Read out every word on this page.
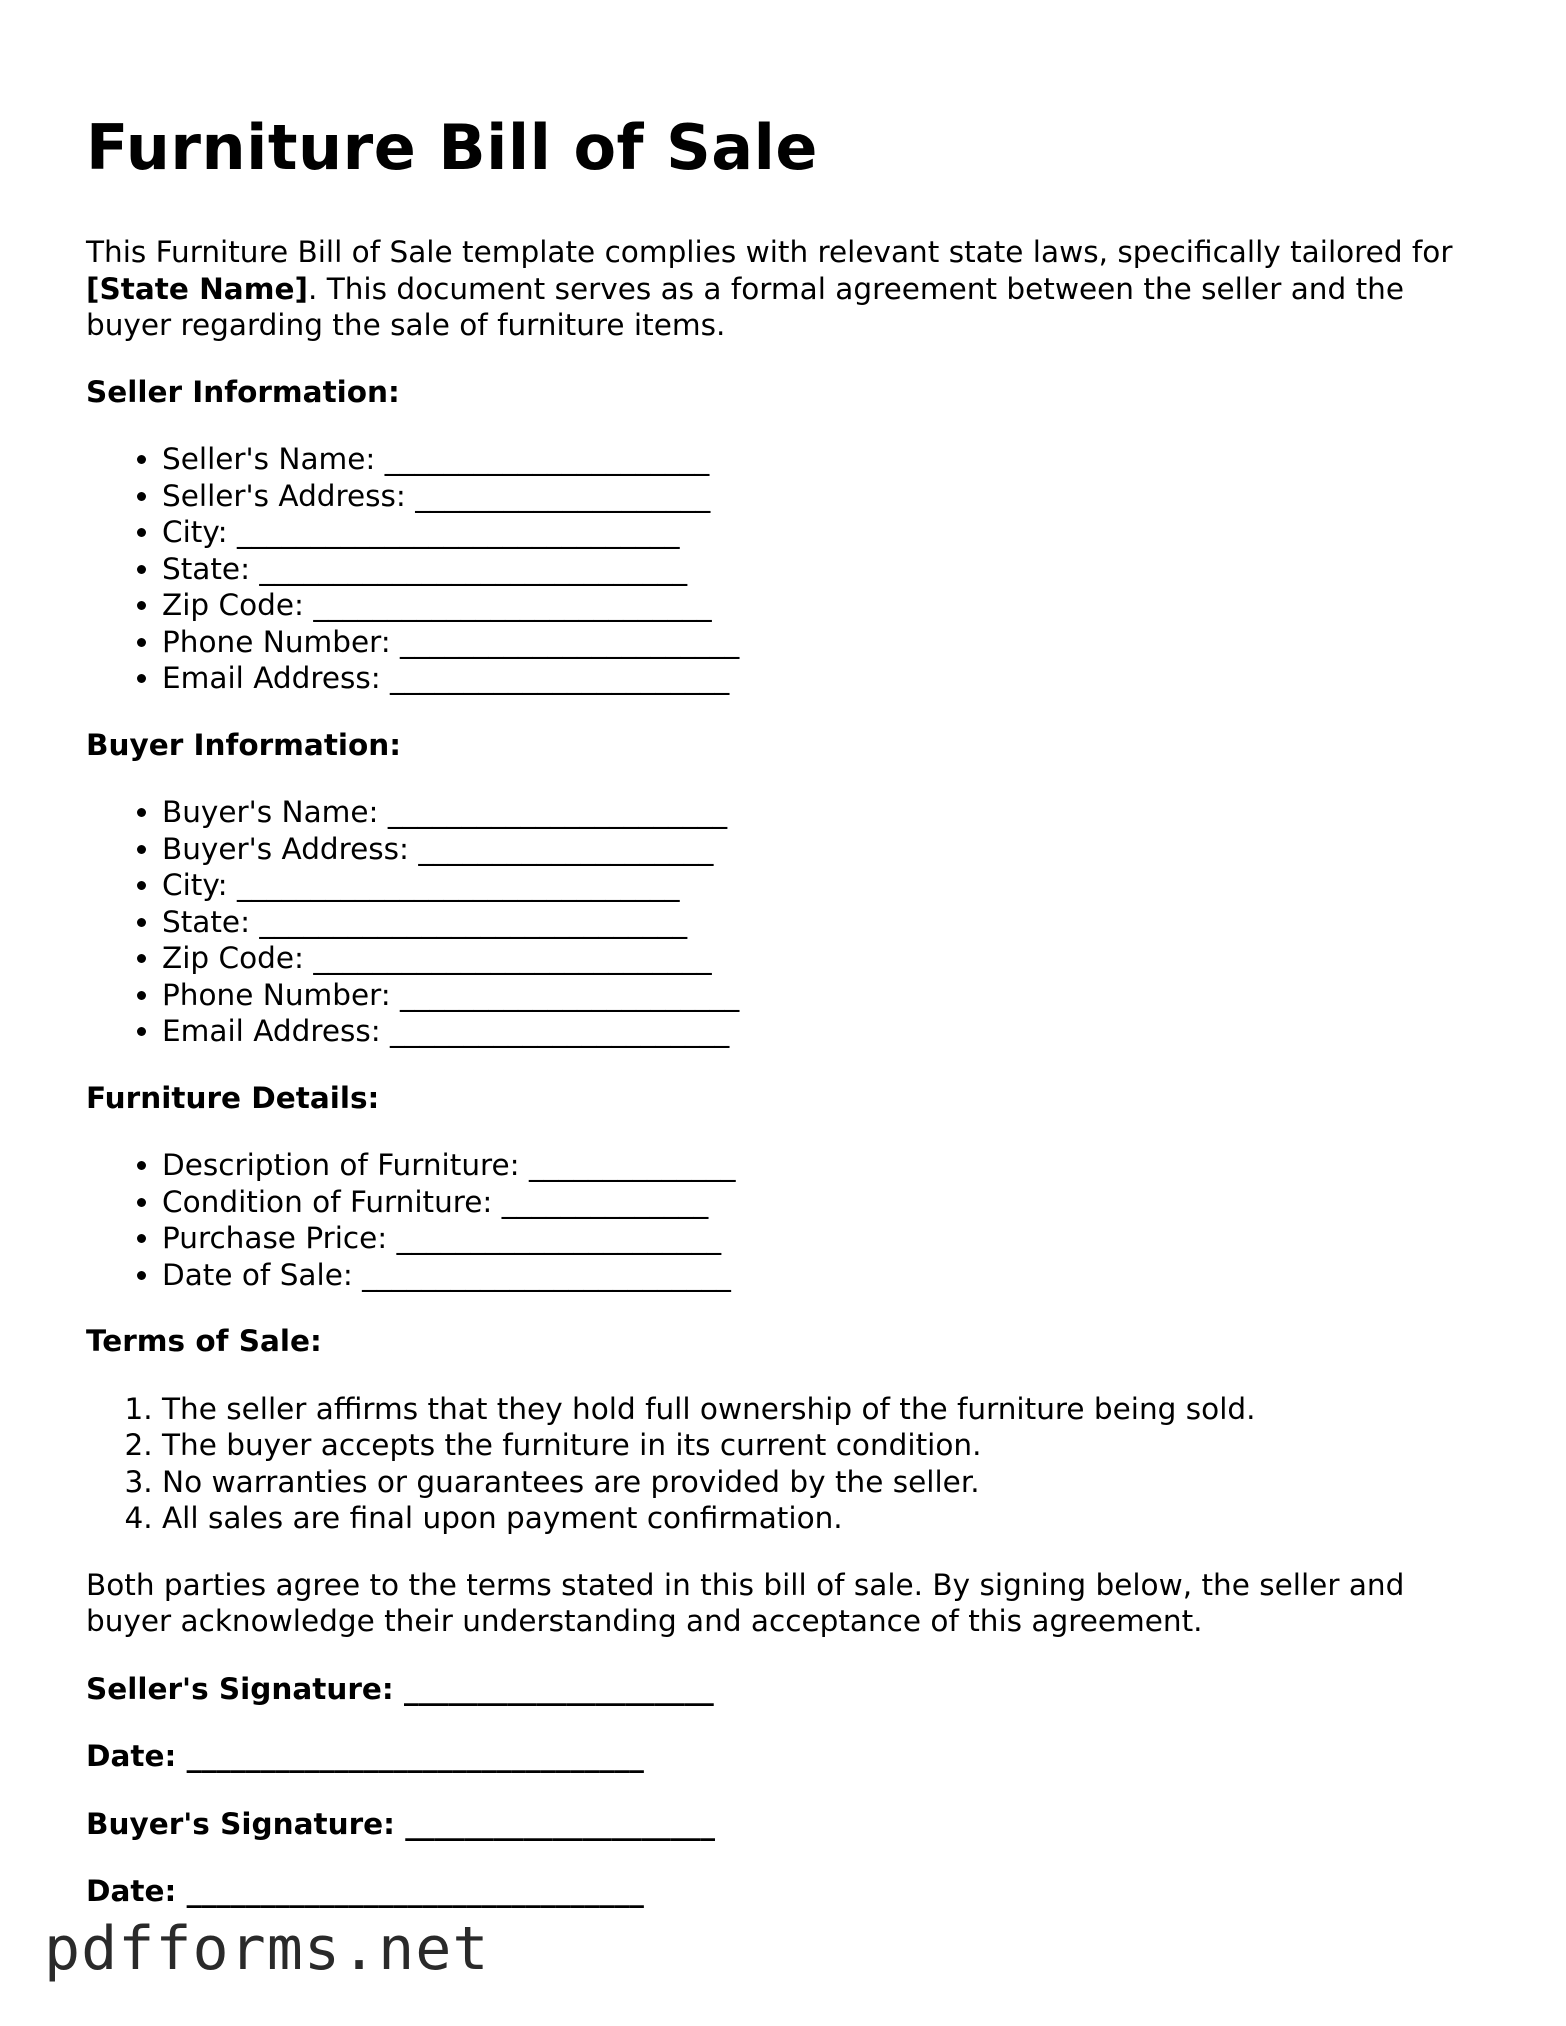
Furniture Bill of Sale

This Furniture Bill of Sale template complies with relevant state laws, specifically tailored for [State Name]. This document serves as a formal agreement between the seller and the buyer regarding the sale of furniture items.

Seller Information:
• Seller's Name: ______________________
• Seller's Address: ____________________
• City: ______________________________
• State: _____________________________
• Zip Code: ___________________________
• Phone Number: _______________________
• Email Address: _______________________
Buyer Information:
• Buyer's Name: _______________________
• Buyer's Address: ____________________
• City: ______________________________
• State: _____________________________
• Zip Code: ___________________________
• Phone Number: _______________________
• Email Address: _______________________
Furniture Details:
• Description of Furniture: ______________
• Condition of Furniture: ______________
• Purchase Price: ______________________
• Date of Sale: _________________________
Terms of Sale:
1. The seller affirms that they hold full ownership of the furniture being sold.
2. The buyer accepts the furniture in its current condition.
3. No warranties or guarantees are provided by the seller.
4. All sales are final upon payment confirmation.

Both parties agree to the terms stated in this bill of sale. By signing below, the seller and buyer acknowledge their understanding and acceptance of this agreement.

Seller's Signature: _____________________
Date: _______________________________
Buyer's Signature: _____________________
Date: _______________________________
pdfforms.net
